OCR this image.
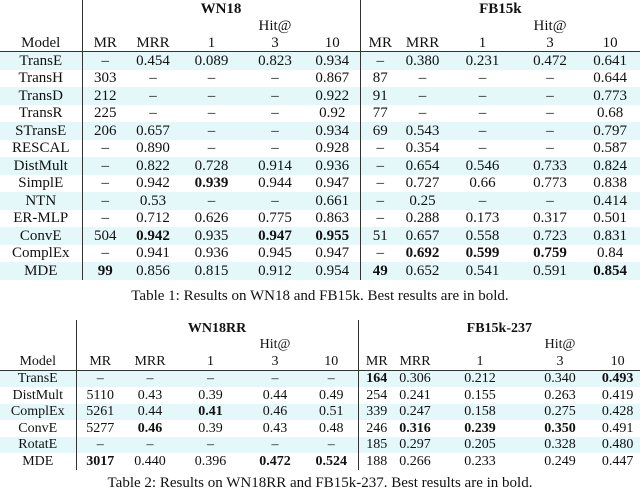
	WN18					FB15k				
				Hit@					Hit@	
Model	MR	MRR	1	3	10	MR	MRR	1	3	10
TransE	–	0.454	0.089	0.823	0.934	–	0.380	0.231	0.472	0.641
TransH	303	–	–	–	0.867	87	–	–	–	0.644
TransD	212	–	–	–	0.922	91	–	–	–	0.773
TransR	225	–	–	–	0.92	77	–	–	–	0.68
STransE	206	0.657	–	–	0.934	69	0.543	–	–	0.797
RESCAL	–	0.890	–	–	0.928	–	0.354	–	–	0.587
DistMult	–	0.822	0.728	0.914	0.936	–	0.654	0.546	0.733	0.824
SimplE	–	0.942	0.939	0.944	0.947	–	0.727	0.66	0.773	0.838
NTN	–	0.53	–	–	0.661	–	0.25	–	–	0.414
ER-MLP	–	0.712	0.626	0.775	0.863	–	0.288	0.173	0.317	0.501
ConvE	504	0.942	0.935	0.947	0.955	51	0.657	0.558	0.723	0.831
ComplEx	–	0.941	0.936	0.945	0.947	–	0.692	0.599	0.759	0.84
MDE	99	0.856	0.815	0.912	0.954	49	0.652	0.541	0.591	0.854
Table 1: Results on WN18 and FB15k. Best results are in bold.
	WN18RR					FB15k-237				
				Hit@					Hit@	
Model	MR	MRR	1	3	10	MR	MRR	1	3	10
TransE	–	–	–	–	–	164	0.306	0.212	0.340	0.493
DistMult	5110	0.43	0.39	0.44	0.49	254	0.241	0.155	0.263	0.419
ComplEx	5261	0.44	0.41	0.46	0.51	339	0.247	0.158	0.275	0.428
ConvE	5277	0.46	0.39	0.43	0.48	246	0.316	0.239	0.350	0.491
RotatE	–	–	–	–	–	185	0.297	0.205	0.328	0.480
MDE	3017	0.440	0.396	0.472	0.524	188	0.266	0.233	0.249	0.447
Table 2: Results on WN18RR and FB15k-237. Best results are in bold.
